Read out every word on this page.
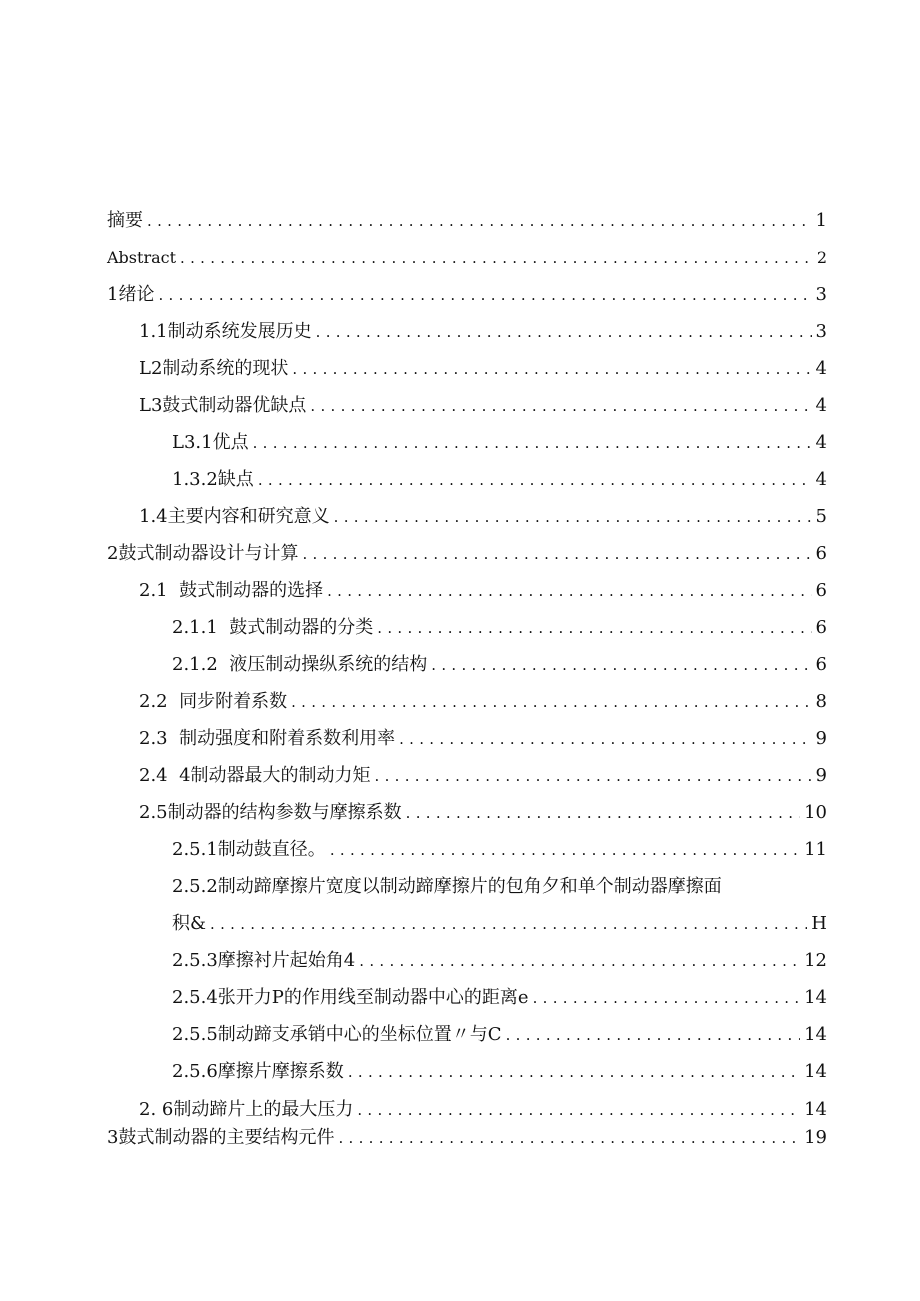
摘要 .....	1
Abstract .....	2
1绪论 .....	3
1.1制动系统发展历史 .....	3
L2制动系统的现状 .....	4
L3鼓式制动器优缺点 .....	4
L3.1优点 .....	4
1.3.2缺点 .....	4
1.4主要内容和研究意义 .....	5
2鼓式制动器设计与计算 .....	6
2.1  鼓式制动器的选择 .....	6
2.1.1  鼓式制动器的分类 .....	6
2.1.2  液压制动操纵系统的结构 .....	6
2.2  同步附着系数 .....	8
2.3  制动强度和附着系数利用率 .....	9
2.4  4制动器最大的制动力矩 .....	9
2.5制动器的结构参数与摩擦系数 .....	10
2.5.1制动鼓直径。 .....	11
2.5.2制动蹄摩擦片宽度以制动蹄摩擦片的包角夕和单个制动器摩擦面
积& .....	H
2.5.3摩擦衬片起始角4 .....	12
2.5.4张开力P的作用线至制动器中心的距离e .....	14
2.5.5制动蹄支承销中心的坐标位置〃与C .....	14
2.5.6摩擦片摩擦系数 .....	14
2. 6制动蹄片上的最大压力 .....	14
3鼓式制动器的主要结构元件 .....	19
